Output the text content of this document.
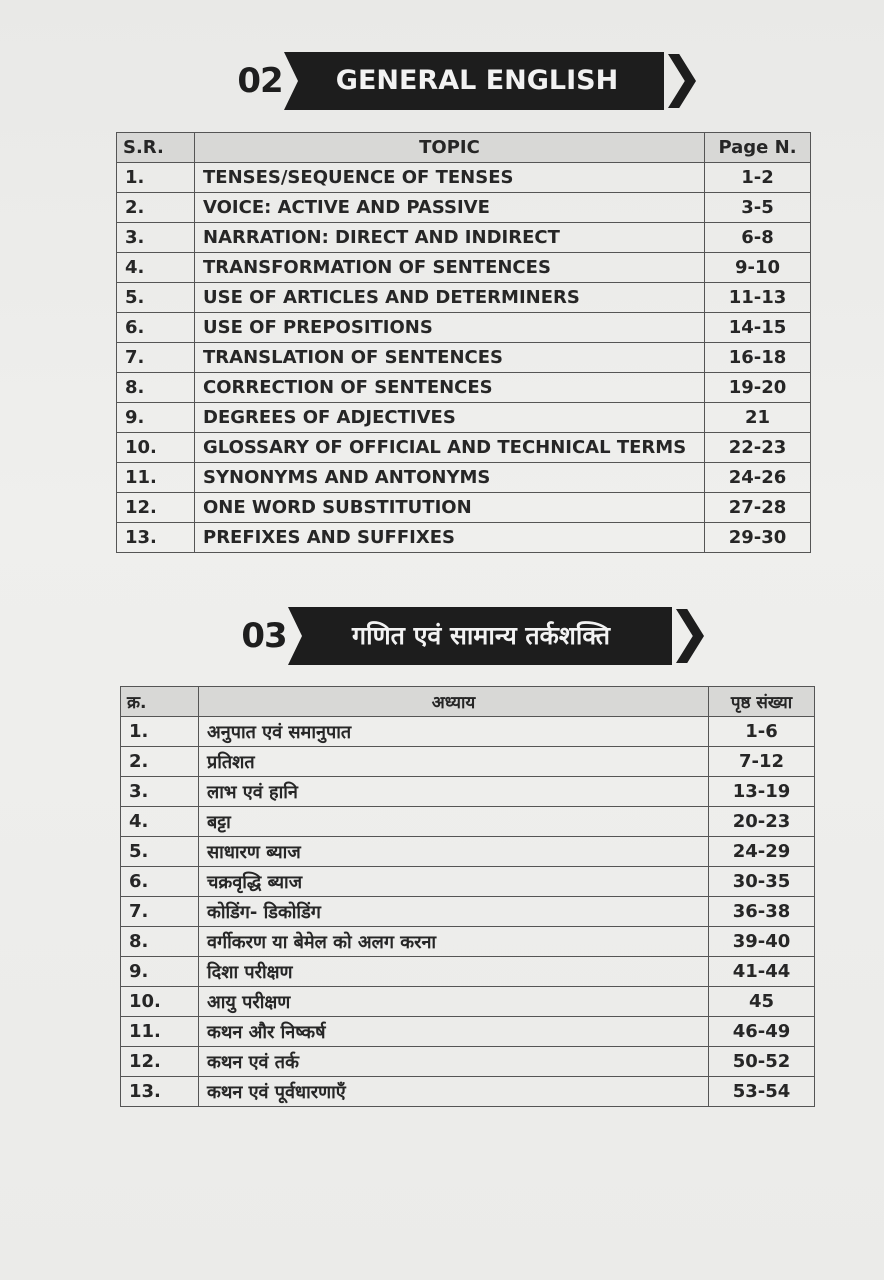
02	GENERAL ENGLISH
S.R.	TOPIC	Page N.
1.	TENSES/SEQUENCE OF TENSES	1-2
2.	VOICE: ACTIVE AND PASSIVE	3-5
3.	NARRATION: DIRECT AND INDIRECT	6-8
4.	TRANSFORMATION OF SENTENCES	9-10
5.	USE OF ARTICLES AND DETERMINERS	11-13
6.	USE OF PREPOSITIONS	14-15
7.	TRANSLATION OF SENTENCES	16-18
8.	CORRECTION OF SENTENCES	19-20
9.	DEGREES OF ADJECTIVES	21
10.	GLOSSARY OF OFFICIAL AND TECHNICAL TERMS	22-23
11.	SYNONYMS AND ANTONYMS	24-26
12.	ONE WORD SUBSTITUTION	27-28
13.	PREFIXES AND SUFFIXES	29-30
03	गणित एवं सामान्य तर्कशक्ति
क्र.	अध्याय	पृष्ठ संख्या
1.	अनुपात एवं समानुपात	1-6
2.	प्रतिशत	7-12
3.	लाभ एवं हानि	13-19
4.	बट्टा	20-23
5.	साधारण ब्याज	24-29
6.	चक्रवृद्धि ब्याज	30-35
7.	कोडिंग- डिकोडिंग	36-38
8.	वर्गीकरण या बेमेल को अलग करना	39-40
9.	दिशा परीक्षण	41-44
10.	आयु परीक्षण	45
11.	कथन और निष्कर्ष	46-49
12.	कथन एवं तर्क	50-52
13.	कथन एवं पूर्वधारणाएँ	53-54
